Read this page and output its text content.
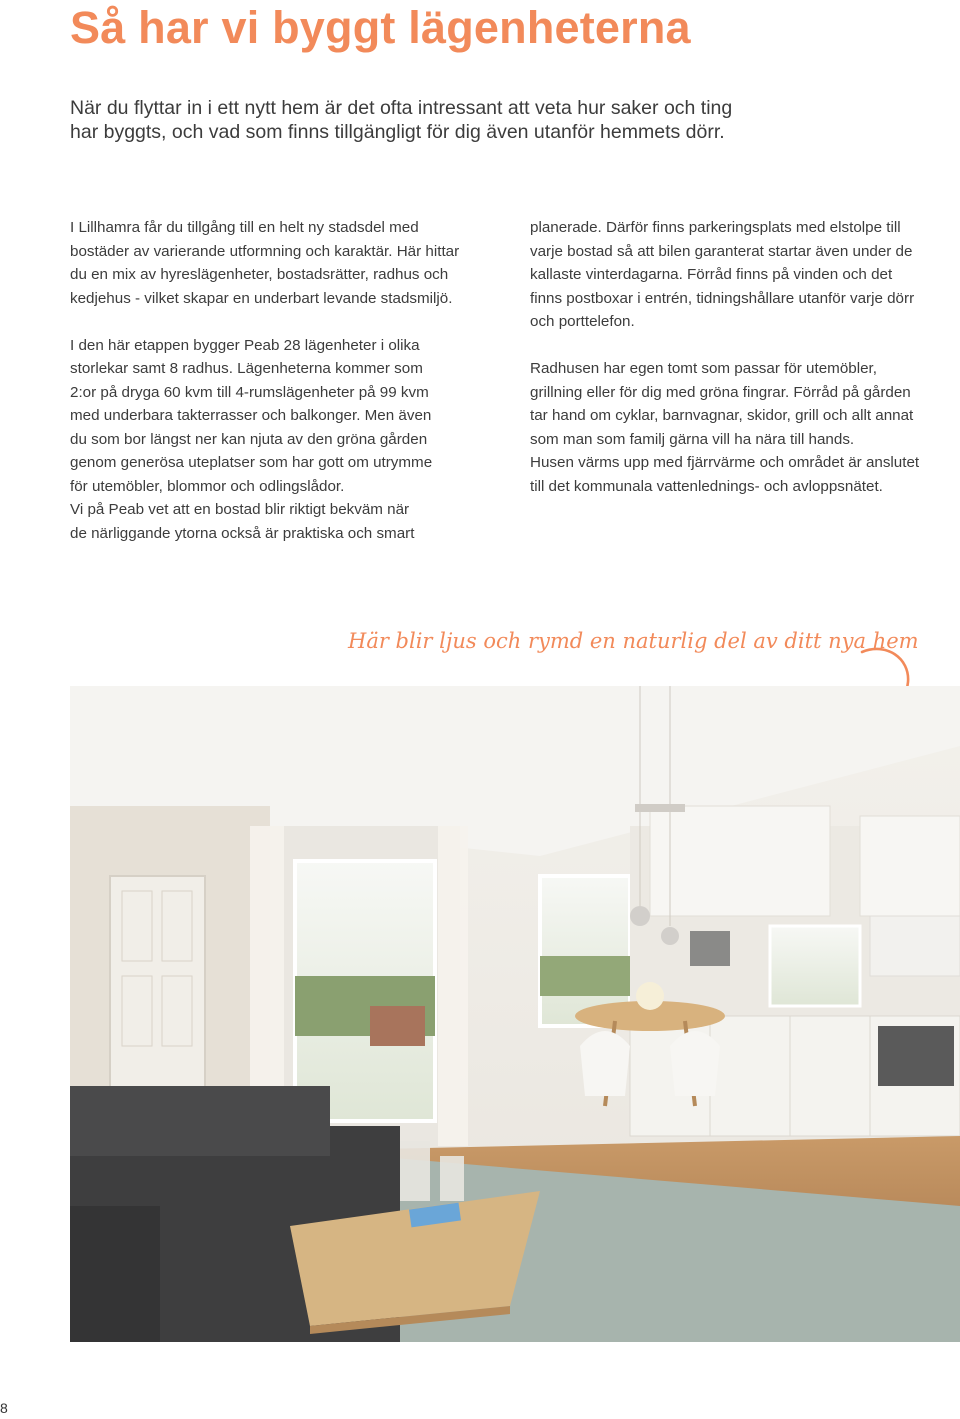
Så har vi byggt lägenheterna
När du flyttar in i ett nytt hem är det ofta intressant att veta hur saker och ting
har byggts, och vad som finns tillgängligt för dig även utanför hemmets dörr.
I Lillhamra får du tillgång till en helt ny stadsdel med
bostäder av varierande utformning och karaktär. Här hittar
du en mix av hyreslägenheter, bostadsrätter, radhus och
kedjehus - vilket skapar en underbart levande stadsmiljö.
I den här etappen bygger Peab 28 lägenheter i olika
storlekar samt 8 radhus. Lägenheterna kommer som
2:or på dryga 60 kvm till 4-rumslägenheter på 99 kvm
med underbara takterrasser och balkonger. Men även
du som bor längst ner kan njuta av den gröna gården
genom generösa uteplatser som har gott om utrymme
för utemöbler, blommor och odlingslådor.
Vi på Peab vet att en bostad blir riktigt bekväm när
de närliggande ytorna också är praktiska och smart
planerade. Därför finns parkeringsplats med elstolpe till
varje bostad så att bilen garanterat startar även under de
kallaste vinterdagarna. Förråd finns på vinden och det
finns postboxar i entrén, tidningshållare utanför varje dörr
och porttelefon.
Radhusen har egen tomt som passar för utemöbler,
grillning eller för dig med gröna fingrar. Förråd på gården
tar hand om cyklar, barnvagnar, skidor, grill och allt annat
som man som familj gärna vill ha nära till hands.
Husen värms upp med fjärrvärme och området är anslutet
till det kommunala vattenlednings- och avloppsnätet.

Här blir ljus och rymd en naturlig del av ditt nya hem

8
